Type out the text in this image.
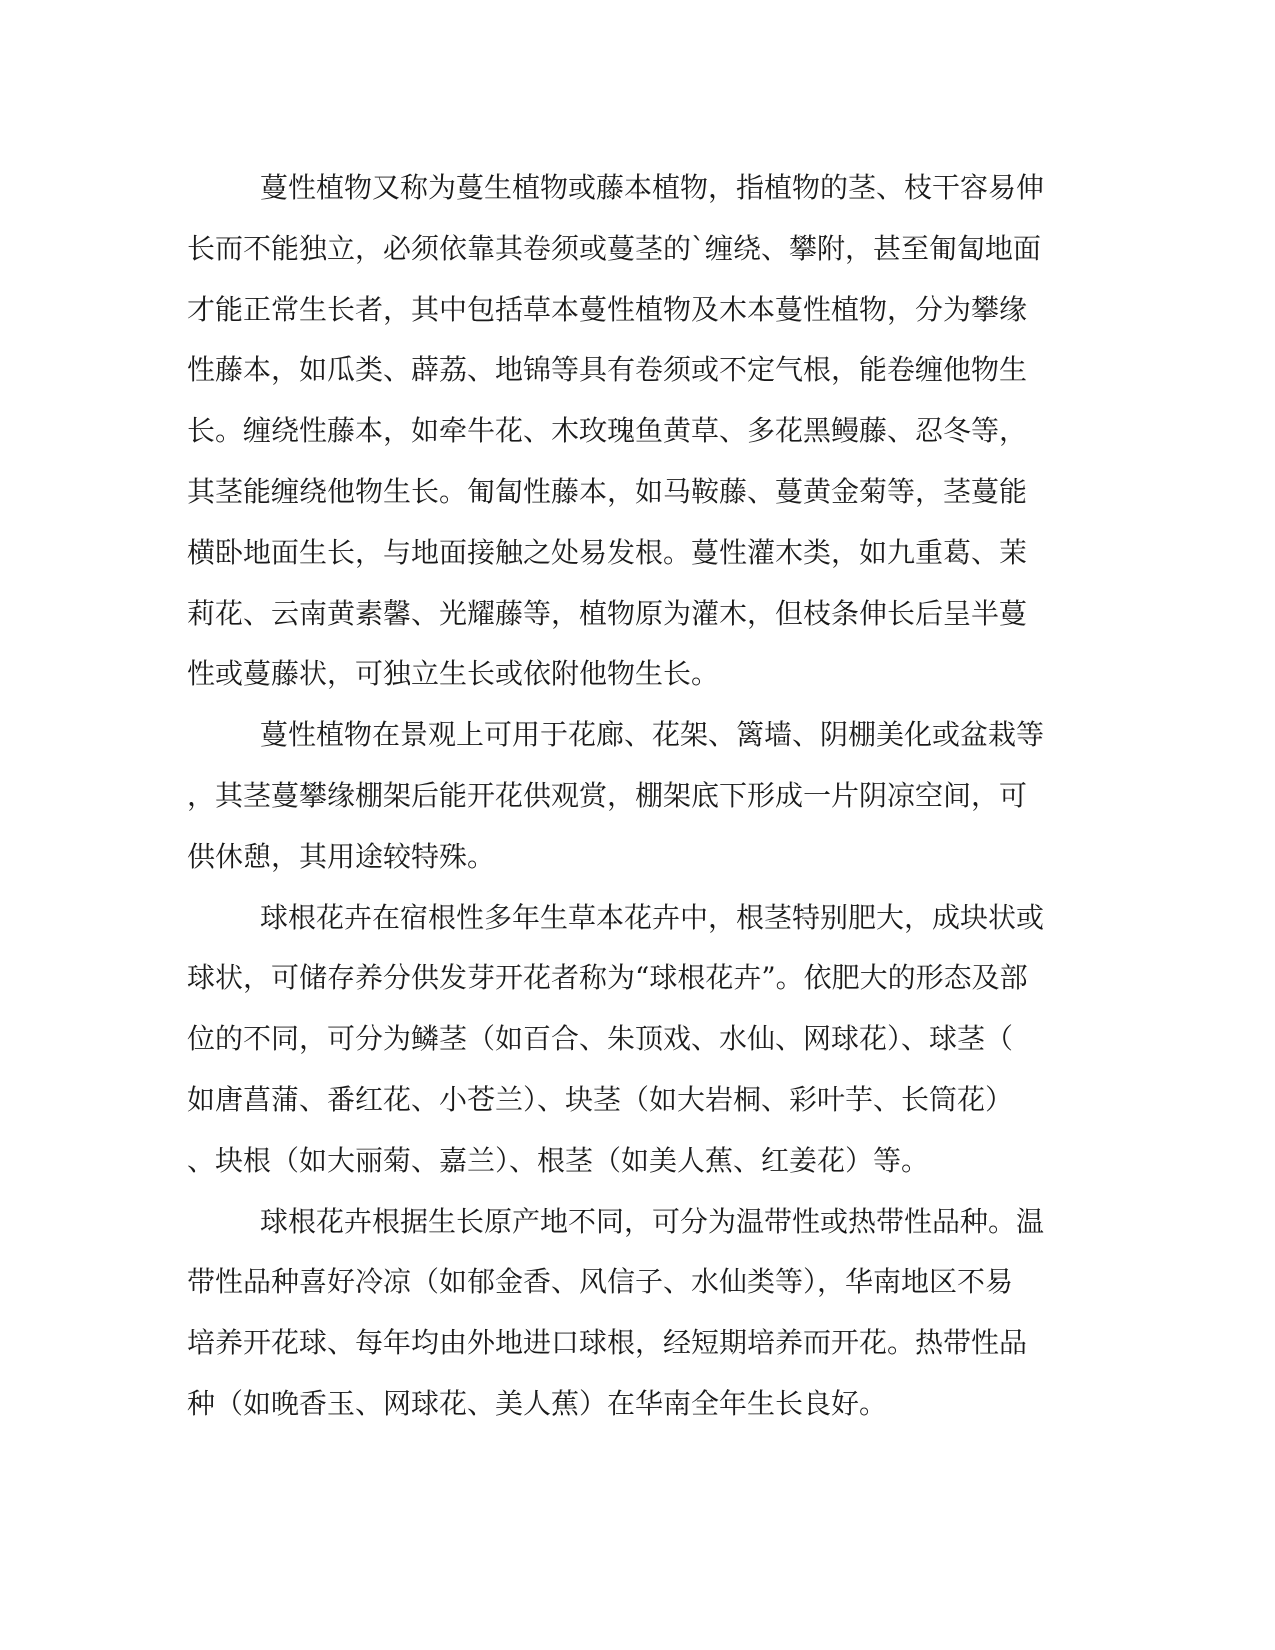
蔓性植物又称为蔓生植物或藤本植物，指植物的茎、枝干容易伸
长而不能独立，必须依靠其卷须或蔓茎的`缠绕、攀附，甚至匍匐地面
才能正常生长者，其中包括草本蔓性植物及木本蔓性植物，分为攀缘
性藤本，如瓜类、薜荔、地锦等具有卷须或不定气根，能卷缠他物生
长。缠绕性藤本，如牵牛花、木玫瑰鱼黄草、多花黑鳗藤、忍冬等，
其茎能缠绕他物生长。匍匐性藤本，如马鞍藤、蔓黄金菊等，茎蔓能
横卧地面生长，与地面接触之处易发根。蔓性灌木类，如九重葛、茉
莉花、云南黄素馨、光耀藤等，植物原为灌木，但枝条伸长后呈半蔓
性或蔓藤状，可独立生长或依附他物生长。

蔓性植物在景观上可用于花廊、花架、篱墙、阴棚美化或盆栽等
，其茎蔓攀缘棚架后能开花供观赏，棚架底下形成一片阴凉空间，可
供休憩，其用途较特殊。

球根花卉在宿根性多年生草本花卉中，根茎特别肥大，成块状或
球状，可储存养分供发芽开花者称为“球根花卉”。依肥大的形态及部
位的不同，可分为鳞茎（如百合、朱顶戏、水仙、网球花）、球茎（
如唐菖蒲、番红花、小苍兰）、块茎（如大岩桐、彩叶芋、长筒花）
、块根（如大丽菊、嘉兰）、根茎（如美人蕉、红姜花）等。

球根花卉根据生长原产地不同，可分为温带性或热带性品种。温
带性品种喜好冷凉（如郁金香、风信子、水仙类等），华南地区不易
培养开花球、每年均由外地进口球根，经短期培养而开花。热带性品
种（如晚香玉、网球花、美人蕉）在华南全年生长良好。
